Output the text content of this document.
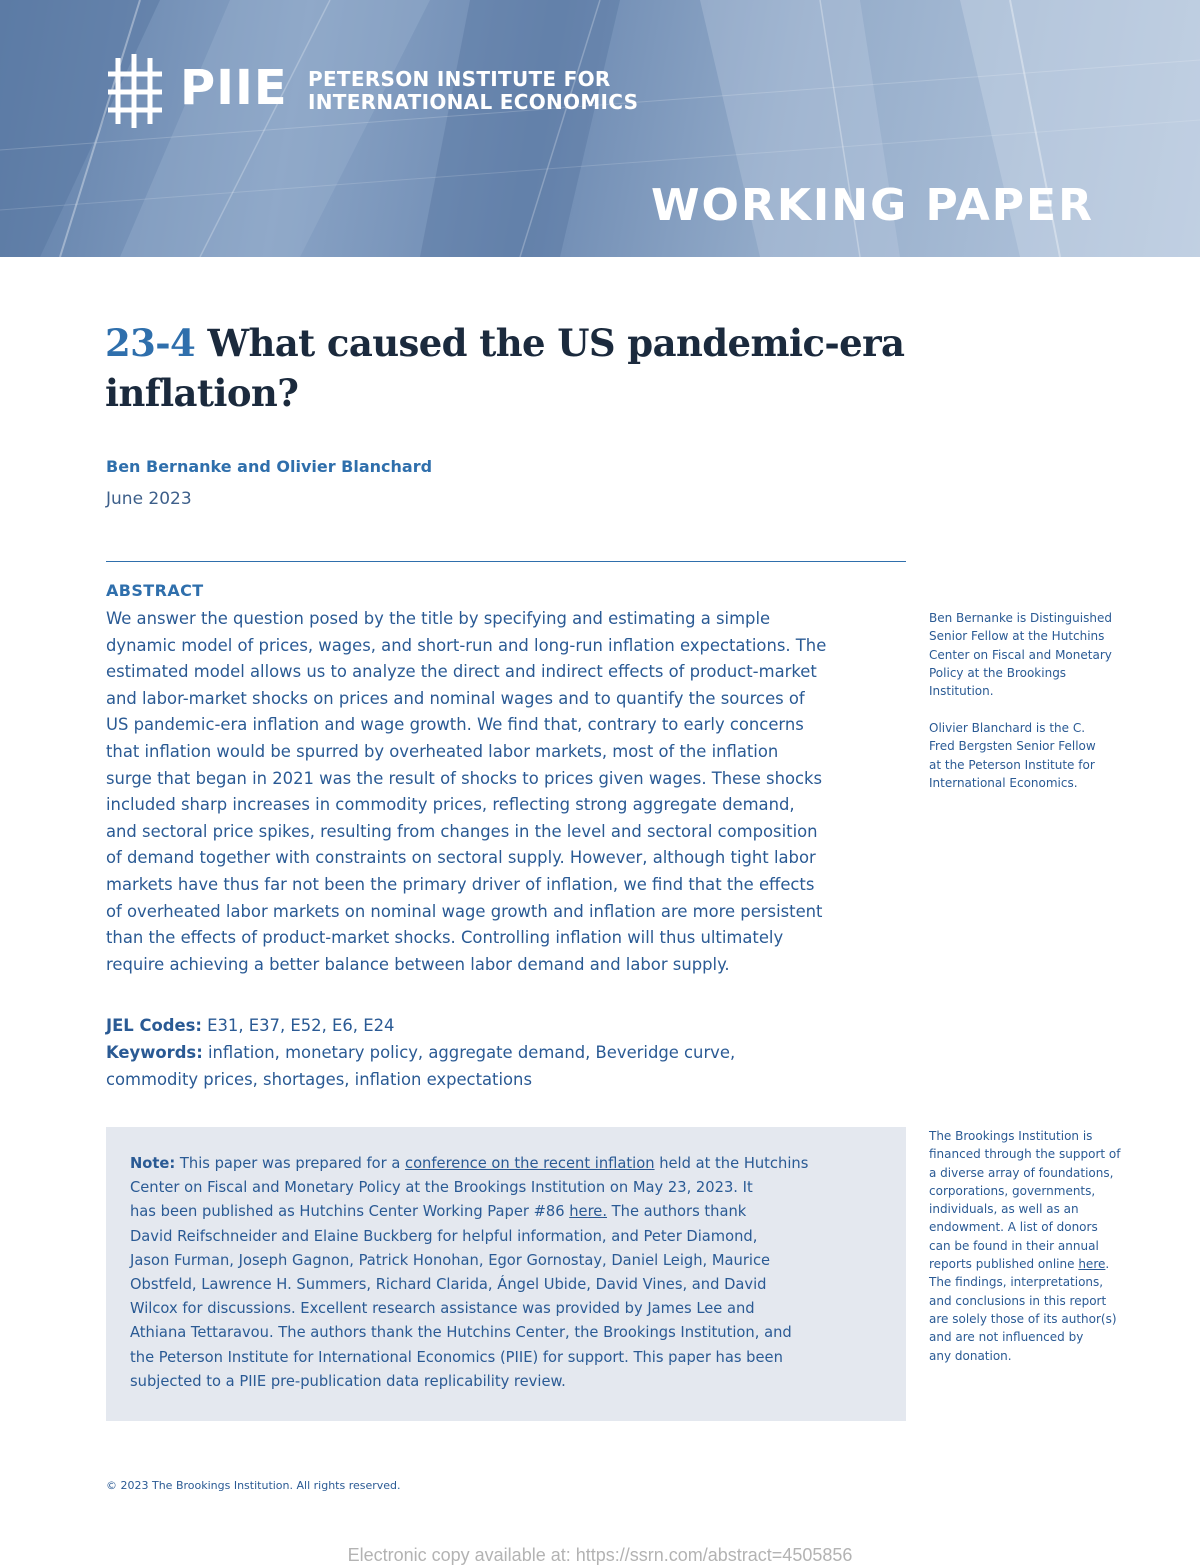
PIIE PETERSON INSTITUTE FOR
INTERNATIONAL ECONOMICS
WORKING PAPER
23-4 What caused the US pandemic-era
inflation?
Ben Bernanke and Olivier Blanchard
June 2023
ABSTRACT
We answer the question posed by the title by specifying and estimating a simple
dynamic model of prices, wages, and short-run and long-run inflation expectations. The
estimated model allows us to analyze the direct and indirect effects of product-market
and labor-market shocks on prices and nominal wages and to quantify the sources of
US pandemic-era inflation and wage growth. We find that, contrary to early concerns
that inflation would be spurred by overheated labor markets, most of the inflation
surge that began in 2021 was the result of shocks to prices given wages. These shocks
included sharp increases in commodity prices, reflecting strong aggregate demand,
and sectoral price spikes, resulting from changes in the level and sectoral composition
of demand together with constraints on sectoral supply. However, although tight labor
markets have thus far not been the primary driver of inflation, we find that the effects
of overheated labor markets on nominal wage growth and inflation are more persistent
than the effects of product-market shocks. Controlling inflation will thus ultimately
require achieving a better balance between labor demand and labor supply.
JEL Codes: E31, E37, E52, E6, E24
Keywords: inflation, monetary policy, aggregate demand, Beveridge curve,
commodity prices, shortages, inflation expectations
Note: This paper was prepared for a conference on the recent inflation held at the Hutchins
Center on Fiscal and Monetary Policy at the Brookings Institution on May 23, 2023. It
has been published as Hutchins Center Working Paper #86 here. The authors thank
David Reifschneider and Elaine Buckberg for helpful information, and Peter Diamond,
Jason Furman, Joseph Gagnon, Patrick Honohan, Egor Gornostay, Daniel Leigh, Maurice
Obstfeld, Lawrence H. Summers, Richard Clarida, Ángel Ubide, David Vines, and David
Wilcox for discussions. Excellent research assistance was provided by James Lee and
Athiana Tettaravou. The authors thank the Hutchins Center, the Brookings Institution, and
the Peterson Institute for International Economics (PIIE) for support. This paper has been
subjected to a PIIE pre-publication data replicability review.
Ben Bernanke is Distinguished
Senior Fellow at the Hutchins
Center on Fiscal and Monetary
Policy at the Brookings
Institution.
Olivier Blanchard is the C.
Fred Bergsten Senior Fellow
at the Peterson Institute for
International Economics.
The Brookings Institution is
financed through the support of
a diverse array of foundations,
corporations, governments,
individuals, as well as an
endowment. A list of donors
can be found in their annual
reports published online here.
The findings, interpretations,
and conclusions in this report
are solely those of its author(s)
and are not influenced by
any donation.
© 2023 The Brookings Institution. All rights reserved.
Electronic copy available at: https://ssrn.com/abstract=4505856
